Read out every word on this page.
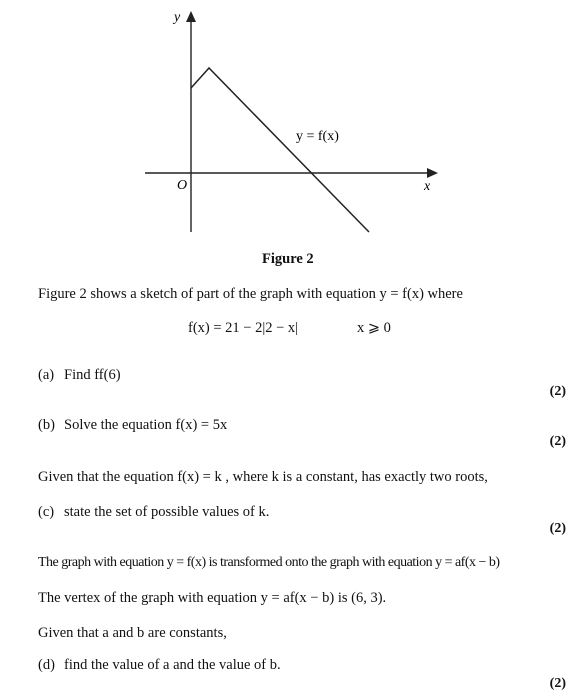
y
x
O
y = f(x)
Figure 2
Figure 2 shows a sketch of part of the graph with equation y = f(x) where
f(x) = 21 − 2|2 − x|	x ⩾ 0
(a) Find ff(6)
(2)
(b) Solve the equation f(x) = 5x
(2)
Given that the equation f(x) = k , where k is a constant, has exactly two roots,
(c) state the set of possible values of k.
(2)
The graph with equation y = f(x) is transformed onto the graph with equation y = af(x − b)
The vertex of the graph with equation y = af(x − b) is (6, 3).
Given that a and b are constants,
(d) find the value of a and the value of b.
(2)
